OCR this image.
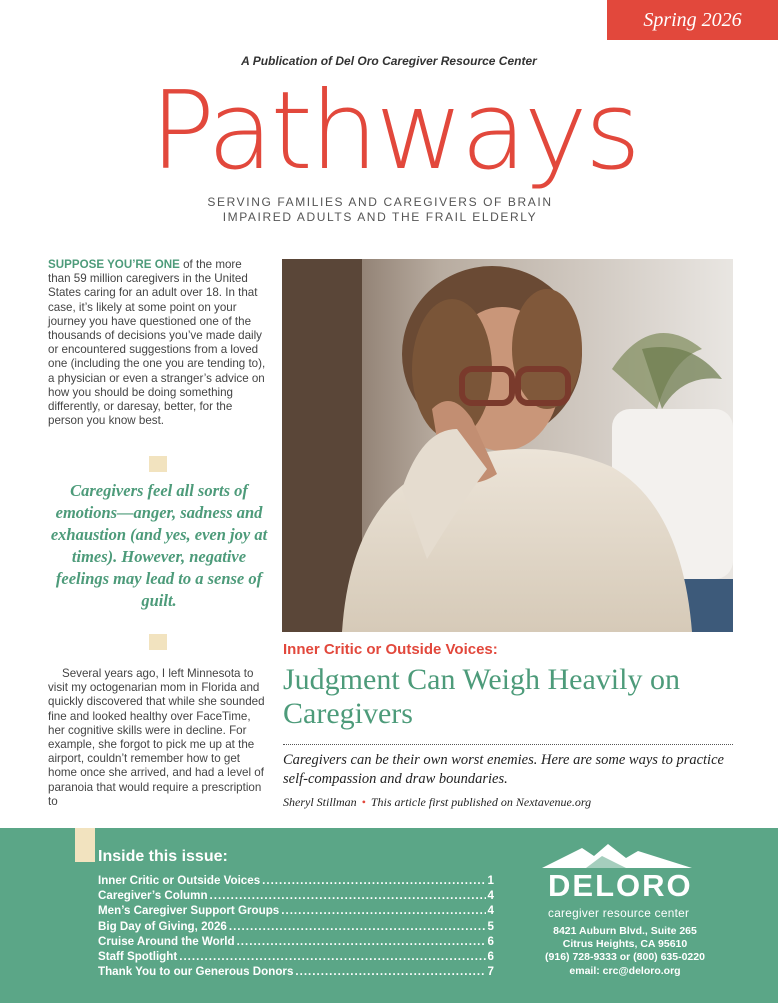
Spring 2026
A Publication of Del Oro Caregiver Resource Center
Pathways
SERVING FAMILIES AND CAREGIVERS OF BRAIN
IMPAIRED ADULTS AND THE FRAIL ELDERLY
SUPPOSE YOU’RE ONE of the more than 59 million caregivers in the United States caring for an adult over 18. In that case, it’s likely at some point on your journey you have questioned one of the thousands of decisions you’ve made daily or encountered suggestions from a loved one (including the one you are tending to), a physician or even a stranger’s advice on how you should be doing something differently, or daresay, better, for the person you know best.
Caregivers feel all sorts of emotions—anger, sadness and exhaustion (and yes, even joy at times). However, negative feelings may lead to a sense of guilt.
Several years ago, I left Minnesota to visit my octogenarian mom in Florida and quickly discovered that while she sounded fine and looked healthy over FaceTime, her cognitive skills were in decline. For example, she forgot to pick me up at the airport, couldn’t remember how to get home once she arrived, and had a level of paranoia that would require a prescription to
Inner Critic or Outside Voices:
Judgment Can Weigh Heavily on Caregivers
Caregivers can be their own worst enemies. Here are some ways to practice self-compassion and draw boundaries.
Sheryl Stillman • This article first published on Nextavenue.org
Inside this issue:
Inner Critic or Outside Voices .....	1
Caregiver’s Column .....	4
Men’s Caregiver Support Groups .....	4
Big Day of Giving, 2026 .....	5
Cruise Around the World .....	6
Staff Spotlight .....	6
Thank You to our Generous Donors .....	7
DELORO
caregiver resource center
8421 Auburn Blvd., Suite 265
Citrus Heights, CA 95610
(916) 728-9333 or (800) 635-0220
email: crc@deloro.org
